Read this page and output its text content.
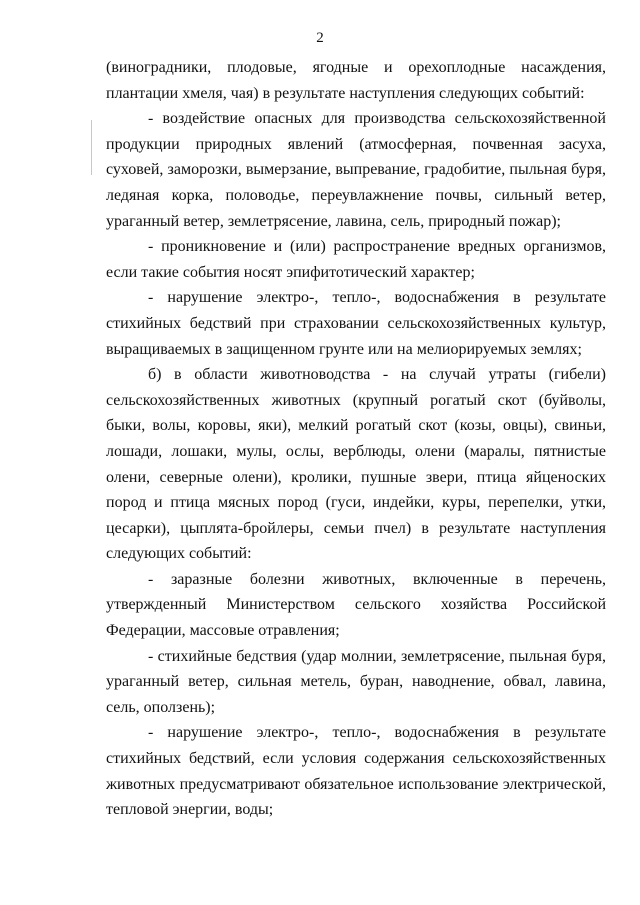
2

(виноградники, плодовые, ягодные и орехоплодные насаждения, плантации хмеля, чая) в результате наступления следующих событий:

- воздействие опасных для производства сельскохозяйственной продукции природных явлений (атмосферная, почвенная засуха, суховей, заморозки, вымерзание, выпревание, градобитие, пыльная буря, ледяная корка, половодье, переувлажнение почвы, сильный ветер, ураганный ветер, землетрясение, лавина, сель, природный пожар);

- проникновение и (или) распространение вредных организмов, если такие события носят эпифитотический характер;

- нарушение электро-, тепло-, водоснабжения в результате стихийных бедствий при страховании сельскохозяйственных культур, выращиваемых в защищенном грунте или на мелиорируемых землях;

б) в области животноводства - на случай утраты (гибели) сельскохозяйственных животных (крупный рогатый скот (буйволы, быки, волы, коровы, яки), мелкий рогатый скот (козы, овцы), свиньи, лошади, лошаки, мулы, ослы, верблюды, олени (маралы, пятнистые олени, северные олени), кролики, пушные звери, птица яйценоских пород и птица мясных пород (гуси, индейки, куры, перепелки, утки, цесарки), цыплята-бройлеры, семьи пчел) в результате наступления следующих событий:

- заразные болезни животных, включенные в перечень, утвержденный Министерством сельского хозяйства Российской Федерации, массовые отравления;

- стихийные бедствия (удар молнии, землетрясение, пыльная буря, ураганный ветер, сильная метель, буран, наводнение, обвал, лавина, сель, оползень);

- нарушение электро-, тепло-, водоснабжения в результате стихийных бедствий, если условия содержания сельскохозяйственных животных предусматривают обязательное использование электрической, тепловой энергии, воды;
